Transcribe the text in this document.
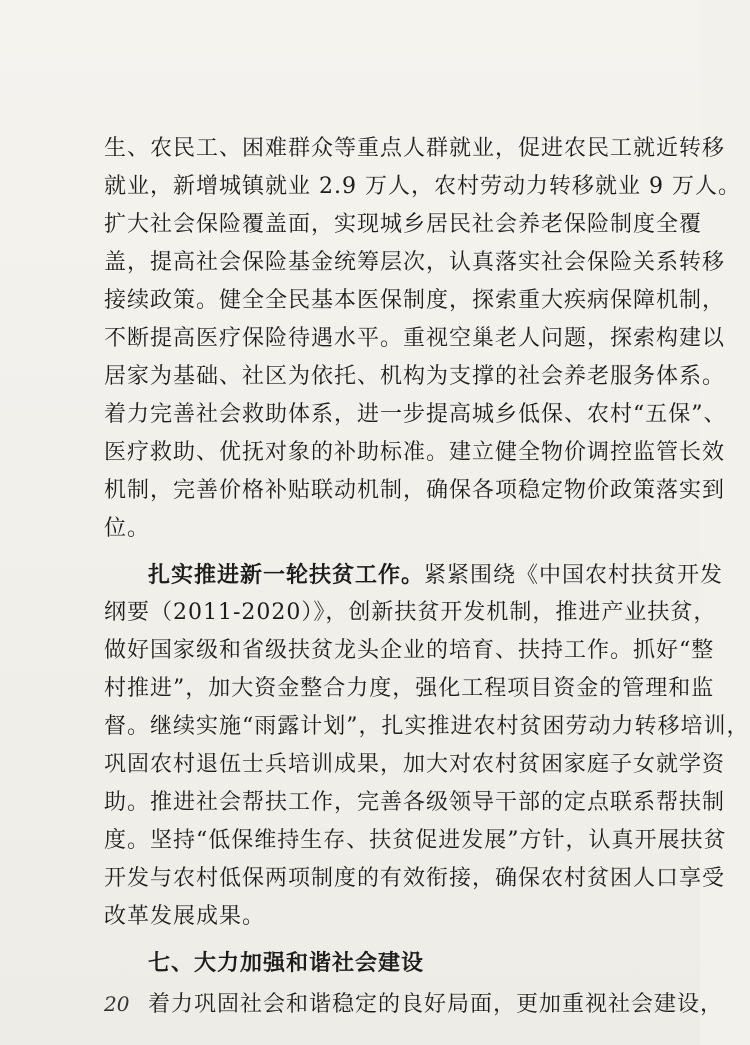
生、农民工、困难群众等重点人群就业，促进农民工就近转移
就业，新增城镇就业 2.9 万人，农村劳动力转移就业 9 万人。
扩大社会保险覆盖面，实现城乡居民社会养老保险制度全覆
盖，提高社会保险基金统筹层次，认真落实社会保险关系转移
接续政策。健全全民基本医保制度，探索重大疾病保障机制，
不断提高医疗保险待遇水平。重视空巢老人问题，探索构建以
居家为基础、社区为依托、机构为支撑的社会养老服务体系。
着力完善社会救助体系，进一步提高城乡低保、农村“五保”、
医疗救助、优抚对象的补助标准。建立健全物价调控监管长效
机制，完善价格补贴联动机制，确保各项稳定物价政策落实到
位。
扎实推进新一轮扶贫工作。紧紧围绕《中国农村扶贫开发
纲要（2011-2020）》，创新扶贫开发机制，推进产业扶贫，
做好国家级和省级扶贫龙头企业的培育、扶持工作。抓好“整
村推进”，加大资金整合力度，强化工程项目资金的管理和监
督。继续实施“雨露计划”，扎实推进农村贫困劳动力转移培训，
巩固农村退伍士兵培训成果，加大对农村贫困家庭子女就学资
助。推进社会帮扶工作，完善各级领导干部的定点联系帮扶制
度。坚持“低保维持生存、扶贫促进发展”方针，认真开展扶贫
开发与农村低保两项制度的有效衔接，确保农村贫困人口享受
改革发展成果。
七、大力加强和谐社会建设
着力巩固社会和谐稳定的良好局面，更加重视社会建设，
20
